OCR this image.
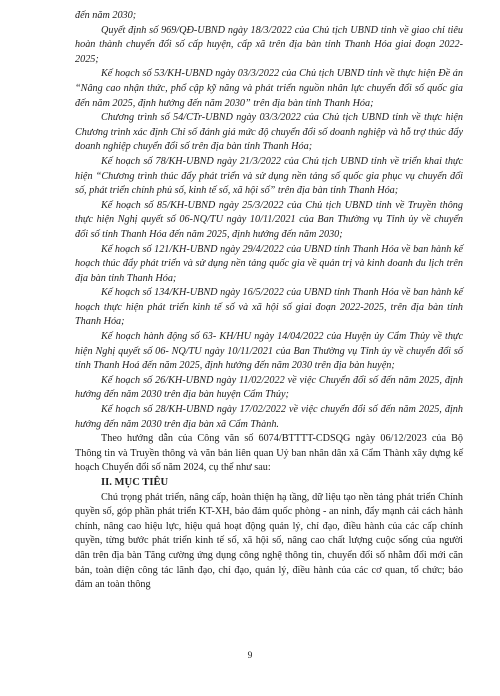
đến năm 2030;

Quyết định số 969/QĐ-UBND ngày 18/3/2022 của Chủ tịch UBND tỉnh về giao chỉ tiêu hoàn thành chuyển đổi số cấp huyện, cấp xã trên địa bàn tỉnh Thanh Hóa giai đoạn 2022-2025;

Kế hoạch số 53/KH-UBND ngày 03/3/2022 của Chủ tịch UBND tỉnh về thực hiện Đề án “Nâng cao nhận thức, phổ cập kỹ năng và phát triển nguồn nhân lực chuyển đổi số quốc gia đến năm 2025, định hướng đến năm 2030” trên địa bàn tỉnh Thanh Hóa;

Chương trình số 54/CTr-UBND ngày 03/3/2022 của Chủ tịch UBND tỉnh về thực hiện Chương trình xác định Chỉ số đánh giá mức độ chuyển đổi số doanh nghiệp và hỗ trợ thúc đẩy doanh nghiệp chuyển đổi số trên địa bàn tỉnh Thanh Hóa;

Kế hoạch số 78/KH-UBND ngày 21/3/2022 của Chủ tịch UBND tỉnh về triển khai thực hiện “Chương trình thúc đẩy phát triển và sử dụng nền tảng số quốc gia phục vụ chuyển đổi số, phát triển chính phủ số, kinh tế số, xã hội số” trên địa bàn tỉnh Thanh Hóa;

Kế hoạch số 85/KH-UBND ngày 25/3/2022 của Chủ tịch UBND tỉnh về Truyền thông thực hiện Nghị quyết số 06-NQ/TU ngày 10/11/2021 của Ban Thường vụ Tỉnh ủy về chuyển đổi số tỉnh Thanh Hóa đến năm 2025, định hướng đến năm 2030;

Kế hoạch số 121/KH-UBND ngày 29/4/2022 của UBND tỉnh Thanh Hóa về ban hành kế hoạch thúc đẩy phát triển và sử dụng nền tảng quốc gia về quản trị và kinh doanh du lịch trên địa bàn tỉnh Thanh Hóa;

Kế hoạch số 134/KH-UBND ngày 16/5/2022 của UBND tỉnh Thanh Hóa về ban hành kế hoạch thực hiện phát triển kinh tế số và xã hội số giai đoạn 2022-2025, trên địa bàn tỉnh Thanh Hóa;

Kế hoạch hành động số 63- KH/HU ngày 14/04/2022 của Huyện ủy Cẩm Thủy về thực hiện Nghị quyết số 06- NQ/TU ngày 10/11/2021 của Ban Thường vụ Tỉnh ủy về chuyển đổi số tỉnh Thanh Hoá đến năm 2025, định hướng đến năm 2030 trên địa bàn huyện;

Kế hoạch số 26/KH-UBND ngày 11/02/2022 về việc Chuyển đổi số đến năm 2025, định hướng đến năm 2030 trên địa bàn huyện Cẩm Thủy;

Kế hoạch số 28/KH-UBND ngày 17/02/2022 về việc chuyển đổi số đến năm 2025, định hướng đến năm 2030 trên địa bàn xã Cẩm Thành.

Theo hướng dẫn của Công văn số 6074/BTTTT-CDSQG ngày 06/12/2023 của Bộ Thông tin và Truyền thông và văn bản liên quan Uỷ ban nhân dân xã Cẩm Thành xây dựng kế hoạch Chuyển đổi số năm 2024, cụ thể như sau:

II. MỤC TIÊU

Chú trọng phát triển, nâng cấp, hoàn thiện hạ tầng, dữ liệu tạo nền tảng phát triển Chính quyền số, góp phần phát triển KT-XH, bảo đảm quốc phòng - an ninh, đẩy mạnh cải cách hành chính, nâng cao hiệu lực, hiệu quả hoạt động quản lý, chỉ đạo, điều hành của các cấp chính quyền, từng bước phát triển kinh tế số, xã hội số, nâng cao chất lượng cuộc sống của người dân trên địa bàn Tăng cường ứng dụng công nghệ thông tin, chuyển đổi số nhằm đổi mới căn bản, toàn diện công tác lãnh đạo, chỉ đạo, quản lý, điều hành của các cơ quan, tổ chức; bảo đảm an toàn thông

9
